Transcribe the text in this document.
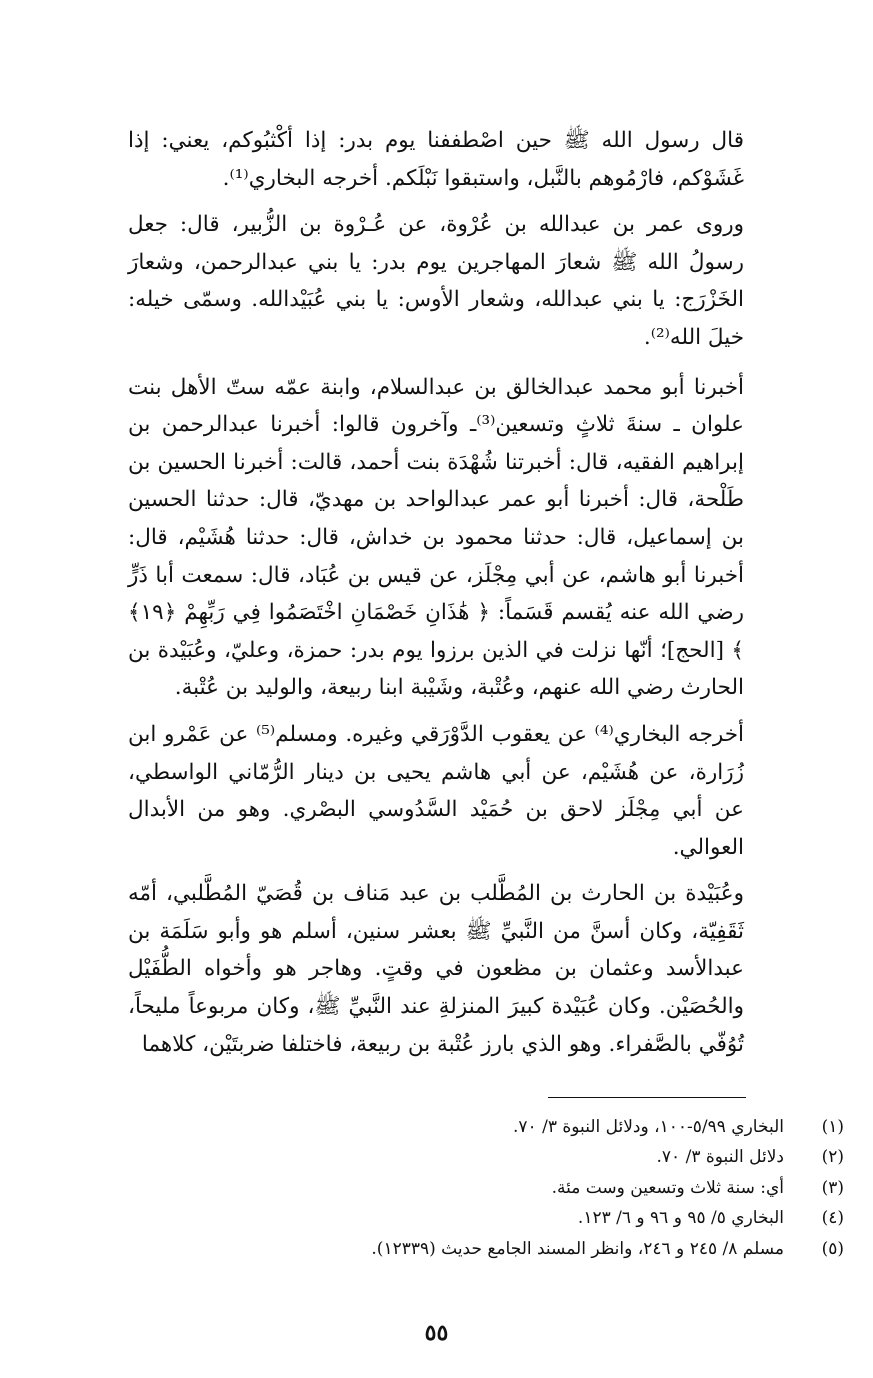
قال رسول الله ﷺ حين اصْطففنا يوم بدر: إذا أكْثبُوكم، يعني: إذا غَشَوْكم، فارْمُوهم بالنَّبل، واستبقوا نَبْلَكم. أخرجه البخاري⁽¹⁾.

وروى عمر بن عبدالله بن عُرْوة، عن عُـرْوة بن الزُّبير، قال: جعل رسولُ الله ﷺ شعارَ المهاجرين يوم بدر: يا بني عبدالرحمن، وشعارَ الخَزْرَج: يا بني عبدالله، وشعار الأوس: يا بني عُبَيْدالله. وسمّى خيله: خيلَ الله⁽²⁾.

أخبرنا أبو محمد عبدالخالق بن عبدالسلام، وابنة عمّه ستّ الأهل بنت علوان ـ سنةَ ثلاثٍ وتسعين⁽³⁾ـ وآخرون قالوا: أخبرنا عبدالرحمن بن إبراهيم الفقيه، قال: أخبرتنا شُهْدَة بنت أحمد، قالت: أخبرنا الحسين بن طَلْحة، قال: أخبرنا أبو عمر عبدالواحد بن مهديّ، قال: حدثنا الحسين بن إسماعيل، قال: حدثنا محمود بن خداش، قال: حدثنا هُشَيْم، قال: أخبرنا أبو هاشم، عن أبي مِجْلَز، عن قيس بن عُبَاد، قال: سمعت أبا ذَرٍّ رضي الله عنه يُقسم قَسَماً: ﴿ هَٰذَانِ خَصْمَانِ اخْتَصَمُوا فِي رَبِّهِمْ ﴿١٩﴾ ﴾ [الحج]؛ أنّها نزلت في الذين برزوا يوم بدر: حمزة، وعليّ، وعُبَيْدة بن الحارث رضي الله عنهم، وعُتْبة، وشَيْبة ابنا ربيعة، والوليد بن عُتْبة.

أخرجه البخاري⁽⁴⁾ عن يعقوب الدَّوْرَقي وغيره. ومسلم⁽⁵⁾ عن عَمْرو ابن زُرَارة، عن هُشَيْم، عن أبي هاشم يحيى بن دينار الرُّمّاني الواسطي، عن أبي مِجْلَز لاحق بن حُمَيْد السَّدُوسي البصْري. وهو من الأبدال العوالي.

وعُبَيْدة بن الحارث بن المُطَّلب بن عبد مَناف بن قُصَيّ المُطَّلبي، أمّه ثَقَفِيّة، وكان أسنَّ من النَّبيِّ ﷺ بعشر سنين، أسلم هو وأبو سَلَمَة بن عبدالأسد وعثمان بن مظعون في وقتٍ. وهاجر هو وأخواه الطُّفَيْل والحُصَيْن. وكان عُبَيْدة كبيرَ المنزلةِ عند النَّبيِّ ﷺ، وكان مربوعاً مليحاً، تُوُفّي بالصَّفراء. وهو الذي بارز عُتْبة بن ربيعة، فاختلفا ضربتَيْن، كلاهما

(١)
البخاري ٥/٩٩-١٠٠، ودلائل النبوة ٣/ ٧٠.
(٢)
دلائل النبوة ٣/ ٧٠.
(٣)
أي: سنة ثلاث وتسعين وست مئة.
(٤)
البخاري ٥/ ٩٥ و ٩٦ و ٦/ ١٢٣.
(٥)
مسلم ٨/ ٢٤٥ و ٢٤٦، وانظر المسند الجامع حديث (١٢٣٣٩).
٥٥
